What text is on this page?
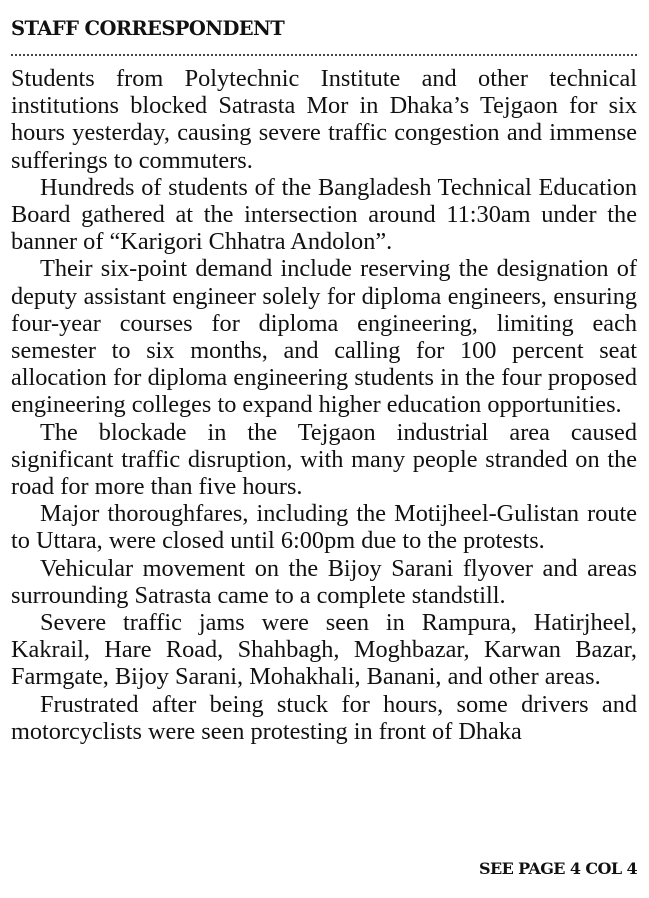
STAFF CORRESPONDENT

Students from Polytechnic Institute and other technical institutions blocked Satrasta Mor in Dhaka’s Tejgaon for six hours yesterday, causing severe traffic congestion and immense sufferings to commuters.

Hundreds of students of the Bangladesh Technical Education Board gathered at the intersection around 11:30am under the banner of “Karigori Chhatra Andolon”.

Their six-point demand include reserving the designation of deputy assistant engineer solely for diploma engineers, ensuring four-year courses for diploma engineering, limiting each semester to six months, and calling for 100 percent seat allocation for diploma engineering students in the four proposed engineering colleges to expand higher education opportunities.

The blockade in the Tejgaon industrial area caused significant traffic disruption, with many people stranded on the road for more than five hours.

Major thoroughfares, including the Motijheel-Gulistan route to Uttara, were closed until 6:00pm due to the protests.

Vehicular movement on the Bijoy Sarani flyover and areas surrounding Satrasta came to a complete standstill.

Severe traffic jams were seen in Rampura, Hatirjheel, Kakrail, Hare Road, Shahbagh, Moghbazar, Karwan Bazar, Farmgate, Bijoy Sarani, Mohakhali, Banani, and other areas.

Frustrated after being stuck for hours, some drivers and motorcyclists were seen protesting in front of Dhaka

SEE PAGE 4 COL 4
